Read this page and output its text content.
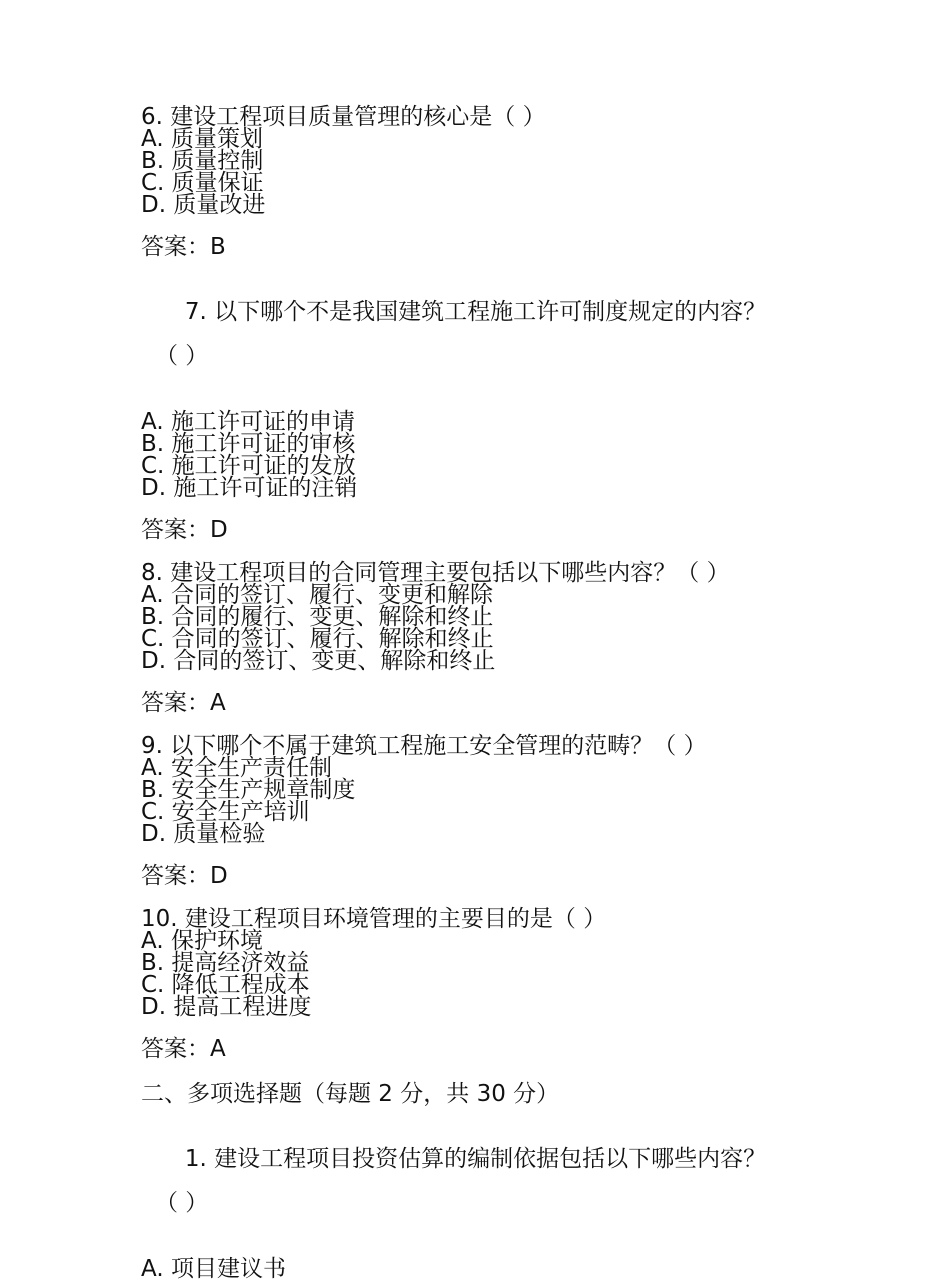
6. 建设工程项目质量管理的核心是（ ）

A. 质量策划

B. 质量控制

C. 质量保证

D. 质量改进

答案：B

7. 以下哪个不是我国建筑工程施工许可制度规定的内容？

（ ）

A. 施工许可证的申请

B. 施工许可证的审核

C. 施工许可证的发放

D. 施工许可证的注销

答案：D

8. 建设工程项目的合同管理主要包括以下哪些内容？（ ）

A. 合同的签订、履行、变更和解除

B. 合同的履行、变更、解除和终止

C. 合同的签订、履行、解除和终止

D. 合同的签订、变更、解除和终止

答案：A

9. 以下哪个不属于建筑工程施工安全管理的范畴？（ ）

A. 安全生产责任制

B. 安全生产规章制度

C. 安全生产培训

D. 质量检验

答案：D

10. 建设工程项目环境管理的主要目的是（ ）

A. 保护环境

B. 提高经济效益

C. 降低工程成本

D. 提高工程进度

答案：A

二、多项选择题（每题 2 分，共 30 分）

1. 建设工程项目投资估算的编制依据包括以下哪些内容？

（ ）

A. 项目建议书
